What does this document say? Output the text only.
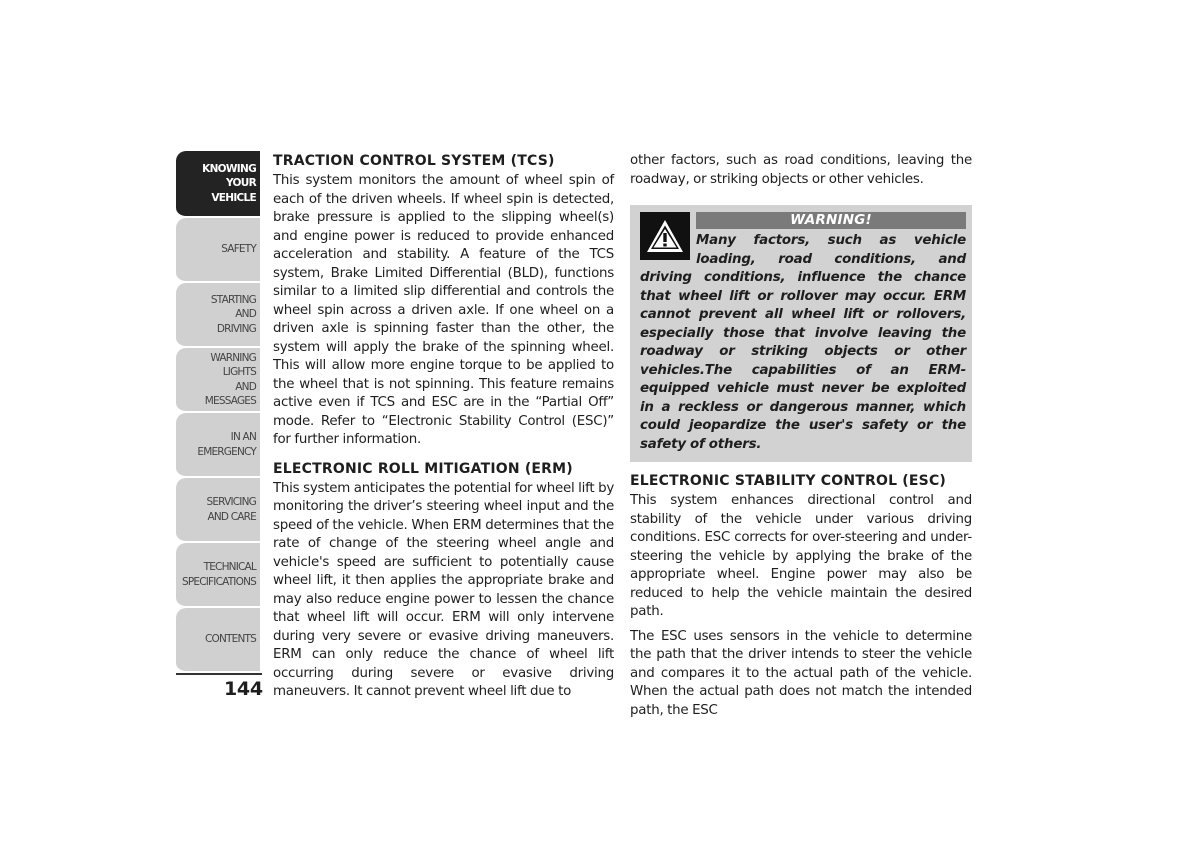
KNOWING
YOUR
VEHICLE
SAFETY
STARTING
AND
DRIVING
WARNING
LIGHTS
AND
MESSAGES
IN AN
EMERGENCY
SERVICING
AND CARE
TECHNICAL
SPECIFICATIONS
CONTENTS
144
TRACTION CONTROL SYSTEM (TCS)

This system monitors the amount of wheel spin of each of the driven wheels. If wheel spin is detected, brake pressure is applied to the slipping wheel(s) and engine power is reduced to provide enhanced acceleration and stability. A feature of the TCS system, Brake Limited Differential (BLD), functions similar to a limited slip differential and controls the wheel spin across a driven axle. If one wheel on a driven axle is spinning faster than the other, the system will apply the brake of the spinning wheel. This will allow more engine torque to be applied to the wheel that is not spinning. This feature remains active even if TCS and ESC are in the “Partial Off” mode. Refer to “Electronic Stability Control (ESC)” for further information.

ELECTRONIC ROLL MITIGATION (ERM)

This system anticipates the potential for wheel lift by monitoring the driver’s steering wheel input and the speed of the vehicle. When ERM determines that the rate of change of the steering wheel angle and vehicle's speed are sufficient to potentially cause wheel lift, it then applies the appropriate brake and may also reduce engine power to lessen the chance that wheel lift will occur. ERM will only intervene during very severe or evasive driving maneuvers. ERM can only reduce the chance of wheel lift occurring during severe or evasive driving maneuvers. It cannot prevent wheel lift due to

other factors, such as road conditions, leaving the roadway, or striking objects or other vehicles.

WARNING!

Many factors, such as vehicle loading, road conditions, and driving conditions, influence the chance that wheel lift or rollover may occur. ERM cannot prevent all wheel lift or rollovers, especially those that involve leaving the roadway or striking objects or other vehicles.The capabilities of an ERM-equipped vehicle must never be exploited in a reckless or dangerous manner, which could jeopardize the user's safety or the safety of others.

ELECTRONIC STABILITY CONTROL (ESC)

This system enhances directional control and stability of the vehicle under various driving conditions. ESC corrects for over-steering and under-steering the vehicle by applying the brake of the appropriate wheel. Engine power may also be reduced to help the vehicle maintain the desired path.

The ESC uses sensors in the vehicle to determine the path that the driver intends to steer the vehicle and compares it to the actual path of the vehicle. When the actual path does not match the intended path, the ESC
